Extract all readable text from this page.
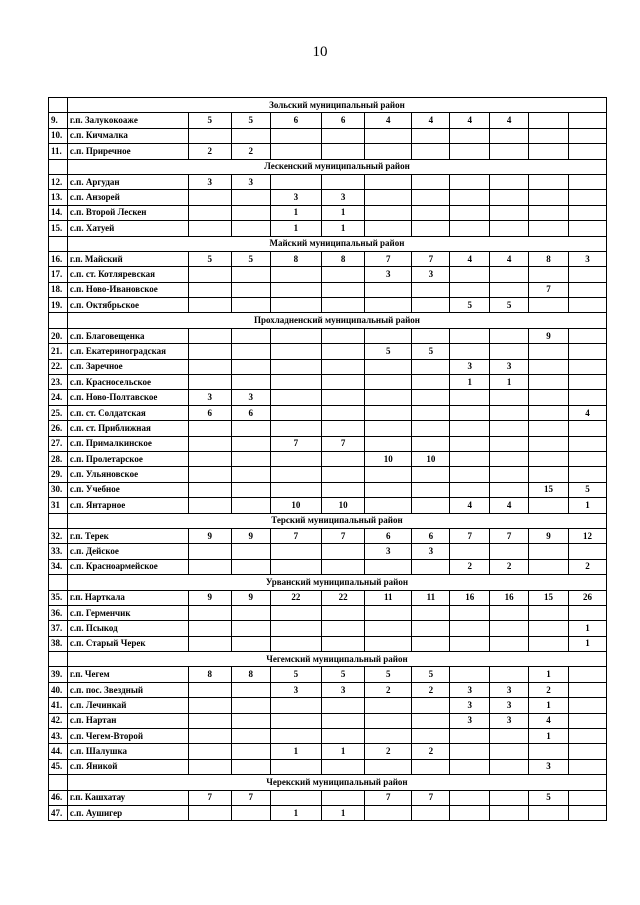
10
	Зольский муниципальный район										
9.	г.п. Залукокоаже	5	5	6	6	4	4	4	4		
10.	с.п. Кичмалка										
11.	с.п. Приречное	2	2								
	Лескенский муниципальный район										
12.	с.п. Аргудан	3	3								
13.	с.п. Анзорей			3	3						
14.	с.п. Второй Лескен			1	1						
15.	с.п. Хатуей			1	1						
	Майский муниципальный район										
16.	г.п. Майский	5	5	8	8	7	7	4	4	8	3
17.	с.п. ст. Котляревская					3	3				
18.	с.п. Ново-Ивановское									7	
19.	с.п. Октябрьское							5	5		
	Прохладненский муниципальный район										
20.	с.п. Благовещенка									9	
21.	с.п. Екатериноградская					5	5				
22.	с.п. Заречное							3	3		
23.	с.п. Красносельское							1	1		
24.	с.п. Ново-Полтавское	3	3								
25.	с.п. ст. Солдатская	6	6								4
26.	с.п. ст. Приближная										
27.	с.п. Прималкинское			7	7						
28.	с.п. Пролетарское					10	10				
29.	с.п. Ульяновское										
30.	с.п. Учебное									15	5
31	с.п. Янтарное			10	10			4	4		1
	Терский муниципальный район										
32.	г.п. Терек	9	9	7	7	6	6	7	7	9	12
33.	с.п. Дейское					3	3				
34.	с.п. Красноармейское							2	2		2
	Урванский муниципальный район										
35.	г.п. Нарткала	9	9	22	22	11	11	16	16	15	26
36.	с.п. Герменчик										
37.	с.п. Псыкод										1
38.	с.п. Старый Черек										1
	Чегемский муниципальный район										
39.	г.п. Чегем	8	8	5	5	5	5			1	
40.	с.п. пос. Звездный			3	3	2	2	3	3	2	
41.	с.п. Лечинкай							3	3	1	
42.	с.п. Нартан							3	3	4	
43.	с.п. Чегем-Второй									1	
44.	с.п. Шалушка			1	1	2	2				
45.	с.п. Яникой									3	
	Черекский муниципальный район										
46.	г.п. Кашхатау	7	7			7	7			5	
47.	с.п. Аушигер			1	1						
